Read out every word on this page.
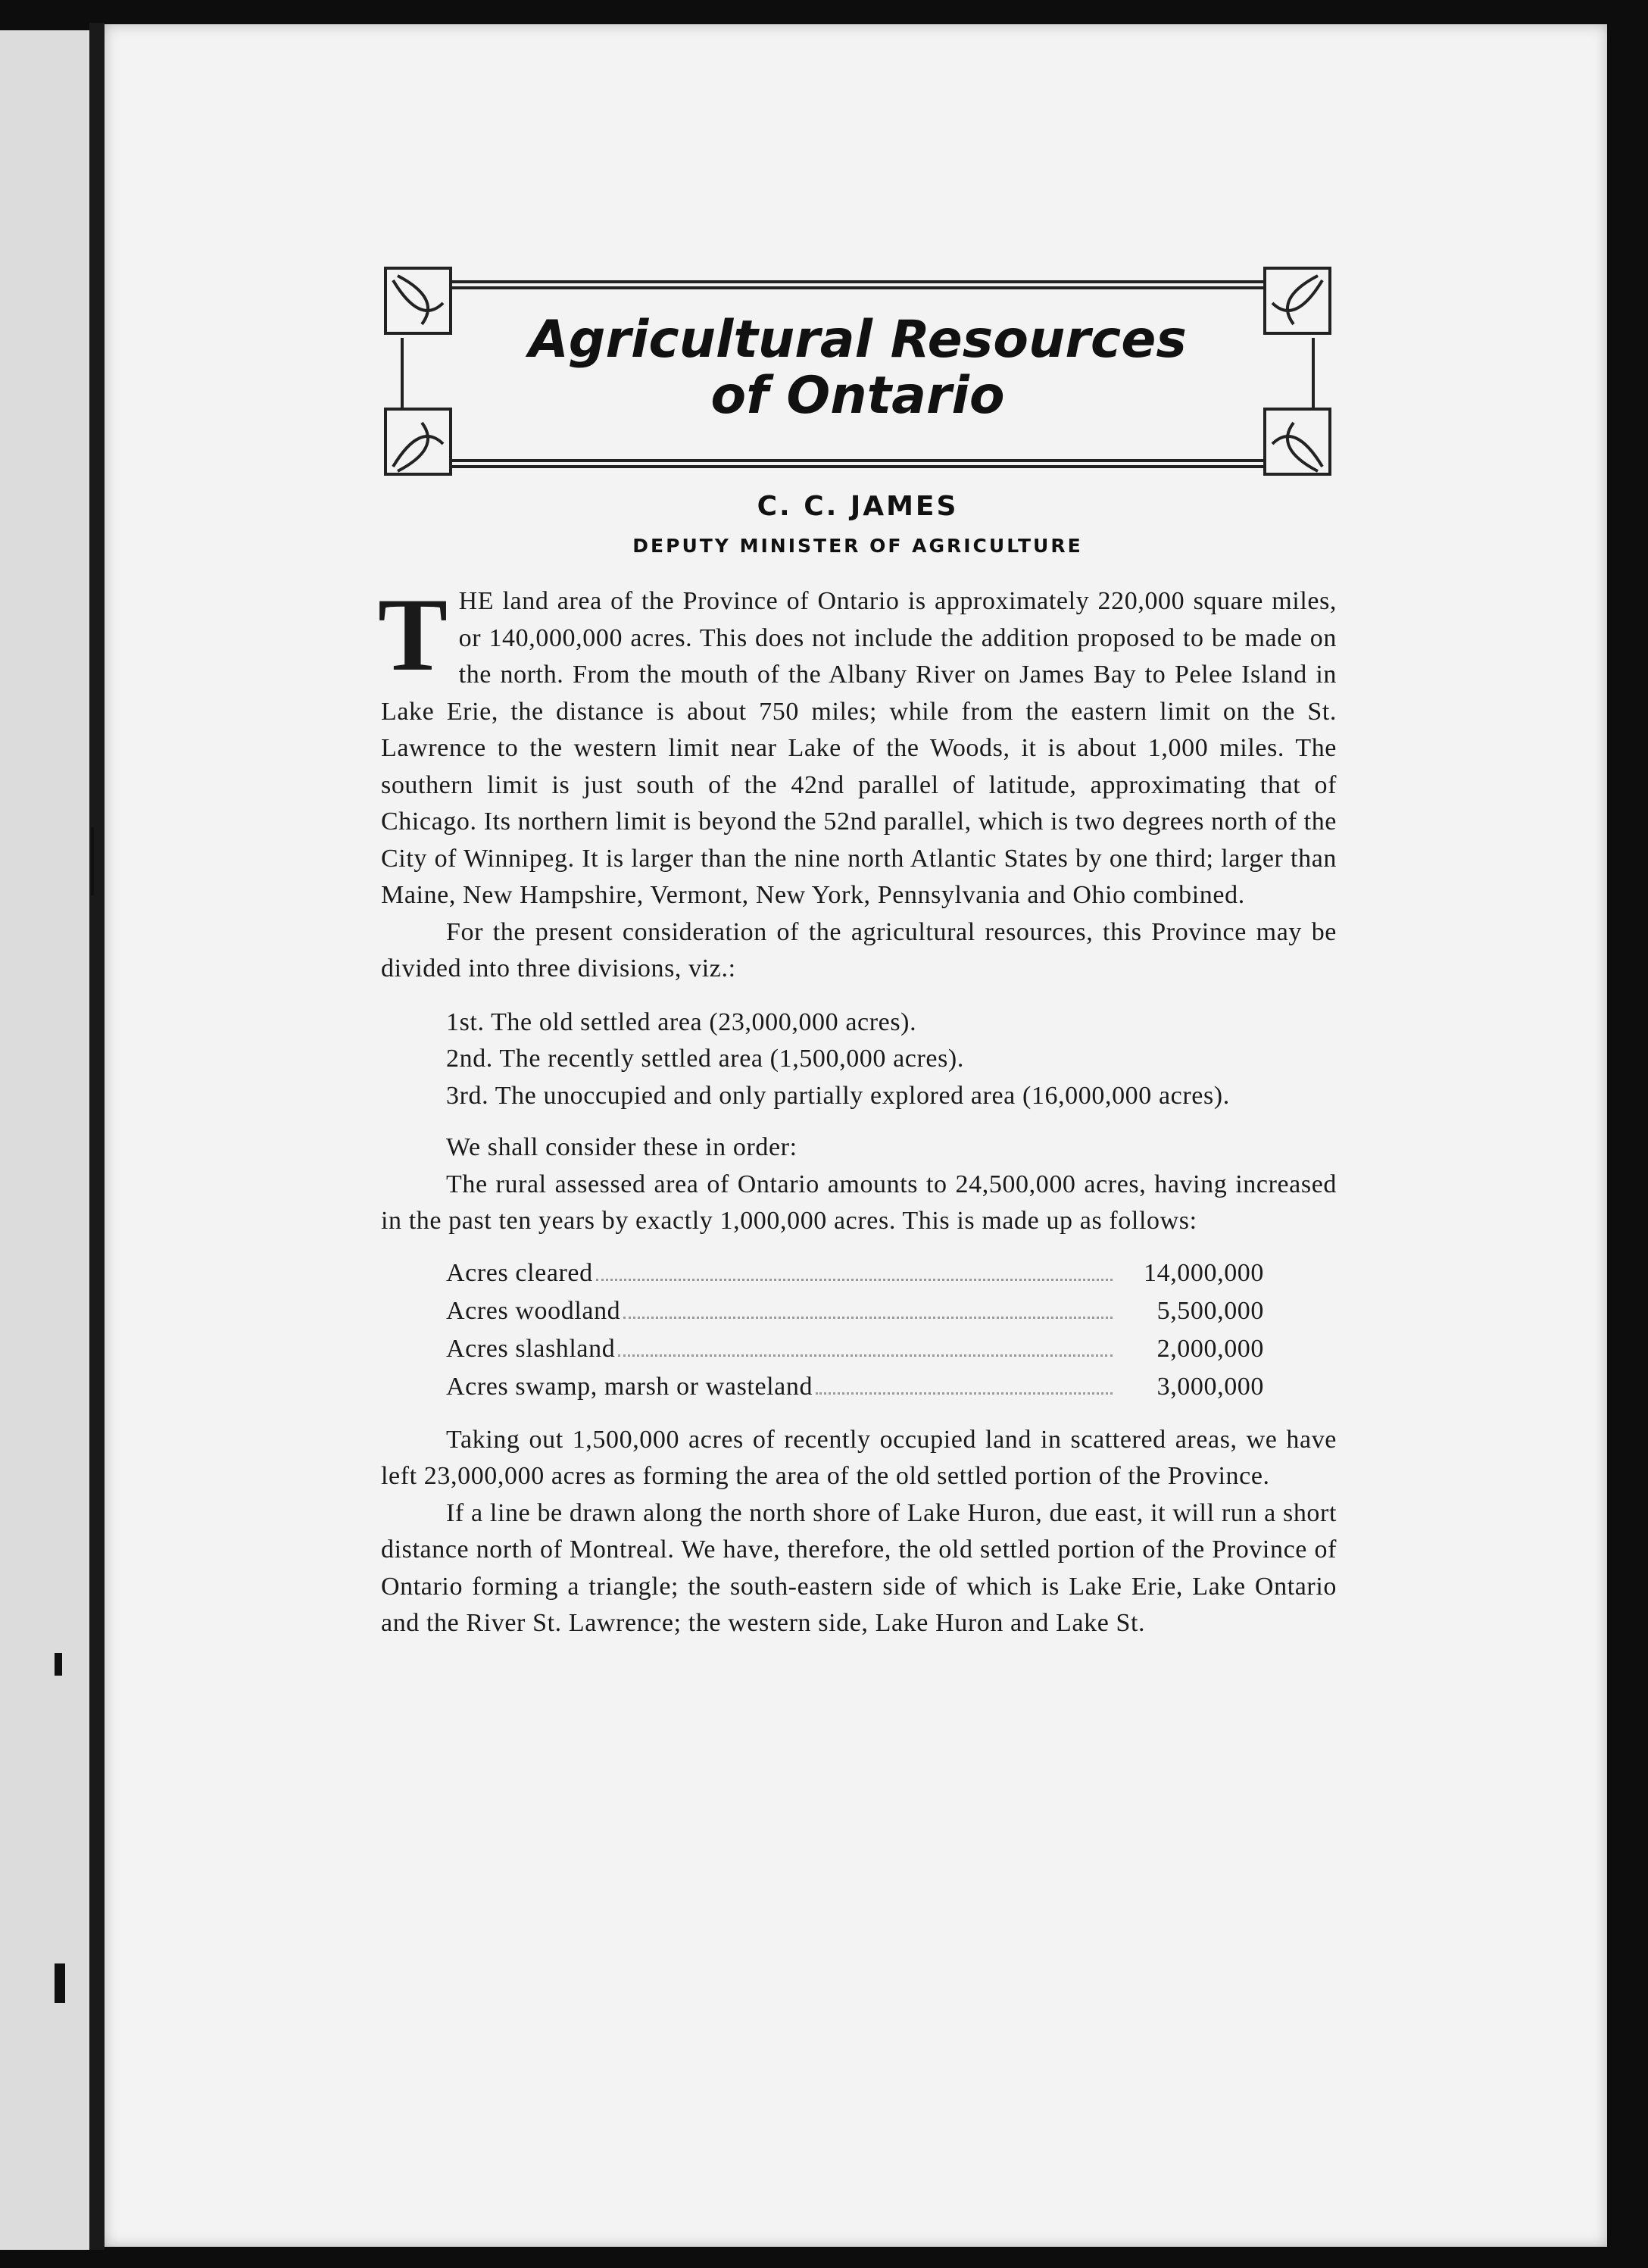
Agricultural Resources
of Ontario
C. C. JAMES
DEPUTY MINISTER OF AGRICULTURE

THE land area of the Province of Ontario is approximately 220,000 square miles, or 140,000,000 acres. This does not include the addition proposed to be made on the north. From the mouth of the Albany River on James Bay to Pelee Island in Lake Erie, the distance is about 750 miles; while from the eastern limit on the St. Lawrence to the western limit near Lake of the Woods, it is about 1,000 miles. The southern limit is just south of the 42nd parallel of latitude, approximating that of Chicago. Its northern limit is beyond the 52nd parallel, which is two degrees north of the City of Winnipeg. It is larger than the nine north Atlantic States by one third; larger than Maine, New Hampshire, Vermont, New York, Pennsylvania and Ohio combined.

For the present consideration of the agricultural resources, this Province may be divided into three divisions, viz.:

1st. The old settled area (23,000,000 acres).

2nd. The recently settled area (1,500,000 acres).

3rd. The unoccupied and only partially explored area (16,000,000 acres).

We shall consider these in order:

The rural assessed area of Ontario amounts to 24,500,000 acres, having increased in the past ten years by exactly 1,000,000 acres. This is made up as follows:

Acres cleared	14,000,000
Acres woodland	5,500,000
Acres slashland	2,000,000
Acres swamp, marsh or wasteland	3,000,000

Taking out 1,500,000 acres of recently occupied land in scattered areas, we have left 23,000,000 acres as forming the area of the old settled portion of the Province.

If a line be drawn along the north shore of Lake Huron, due east, it will run a short distance north of Montreal. We have, therefore, the old settled portion of the Province of Ontario forming a triangle; the south-eastern side of which is Lake Erie, Lake Ontario and the River St. Lawrence; the western side, Lake Huron and Lake St.
